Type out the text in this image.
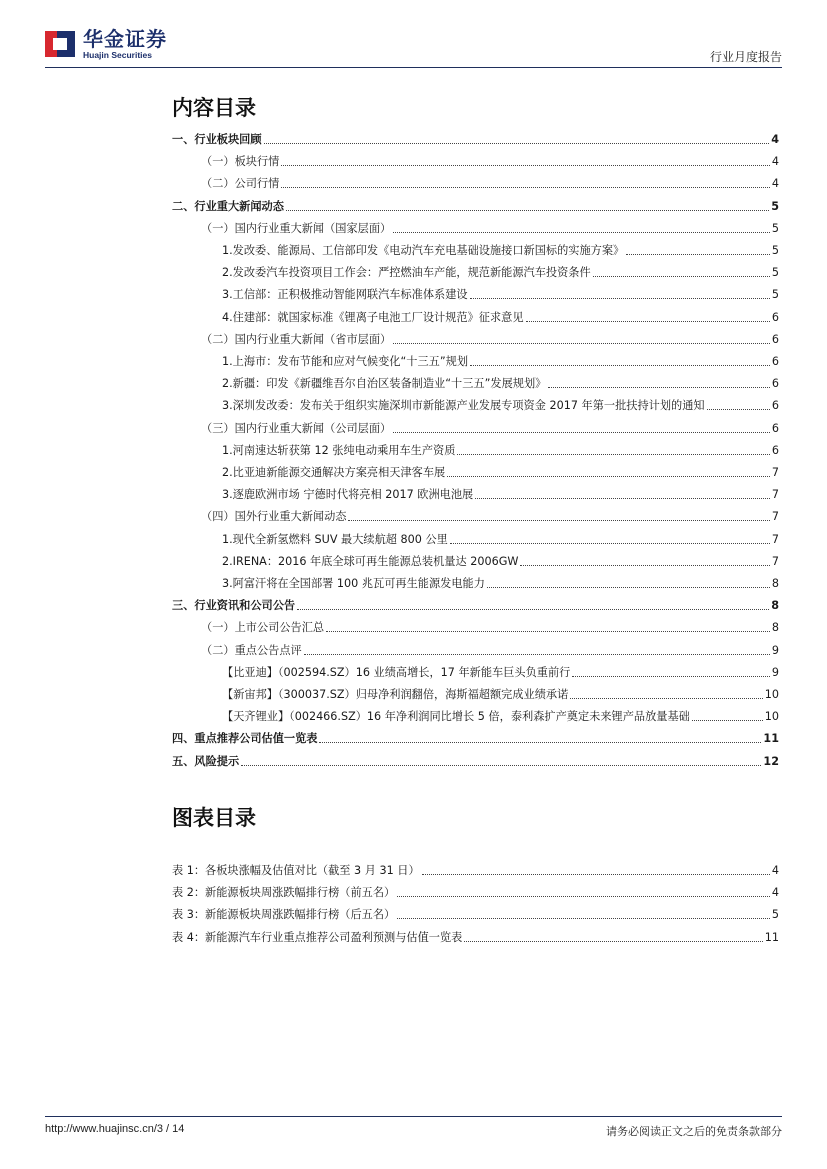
华金证券
Huajin Securities	行业月度报告
内容目录
一、行业板块回顾	4
（一）板块行情	4
（二）公司行情	4
二、行业重大新闻动态	5
（一）国内行业重大新闻（国家层面）	5
1.发改委、能源局、工信部印发《电动汽车充电基础设施接口新国标的实施方案》	5
2.发改委汽车投资项目工作会：严控燃油车产能，规范新能源汽车投资条件	5
3.工信部：正积极推动智能网联汽车标准体系建设	5
4.住建部：就国家标准《锂离子电池工厂设计规范》征求意见	6
（二）国内行业重大新闻（省市层面）	6
1.上海市：发布节能和应对气候变化“十三五”规划	6
2.新疆：印发《新疆维吾尔自治区装备制造业“十三五”发展规划》	6
3.深圳发改委：发布关于组织实施深圳市新能源产业发展专项资金 2017 年第一批扶持计划的通知	6
（三）国内行业重大新闻（公司层面）	6
1.河南速达斩获第 12 张纯电动乘用车生产资质	6
2.比亚迪新能源交通解决方案亮相天津客车展	7
3.逐鹿欧洲市场 宁德时代将亮相 2017 欧洲电池展	7
（四）国外行业重大新闻动态	7
1.现代全新氢燃料 SUV 最大续航超 800 公里	7
2.IRENA：2016 年底全球可再生能源总装机量达 2006GW	7
3.阿富汗将在全国部署 100 兆瓦可再生能源发电能力	8
三、行业资讯和公司公告	8
（一）上市公司公告汇总	8
（二）重点公告点评	9
【比亚迪】（002594.SZ）16 业绩高增长，17 年新能车巨头负重前行	9
【新宙邦】（300037.SZ）归母净利润翻倍，海斯福超额完成业绩承诺	10
【天齐锂业】（002466.SZ）16 年净利润同比增长 5 倍，泰利森扩产奠定未来锂产品放量基础	10
四、重点推荐公司估值一览表	11
五、风险提示	12
图表目录
表 1：各板块涨幅及估值对比（截至 3 月 31 日）	4
表 2：新能源板块周涨跌幅排行榜（前五名）	4
表 3：新能源板块周涨跌幅排行榜（后五名）	5
表 4：新能源汽车行业重点推荐公司盈利预测与估值一览表	11
http://www.huajinsc.cn/3 / 14	请务必阅读正文之后的免责条款部分
